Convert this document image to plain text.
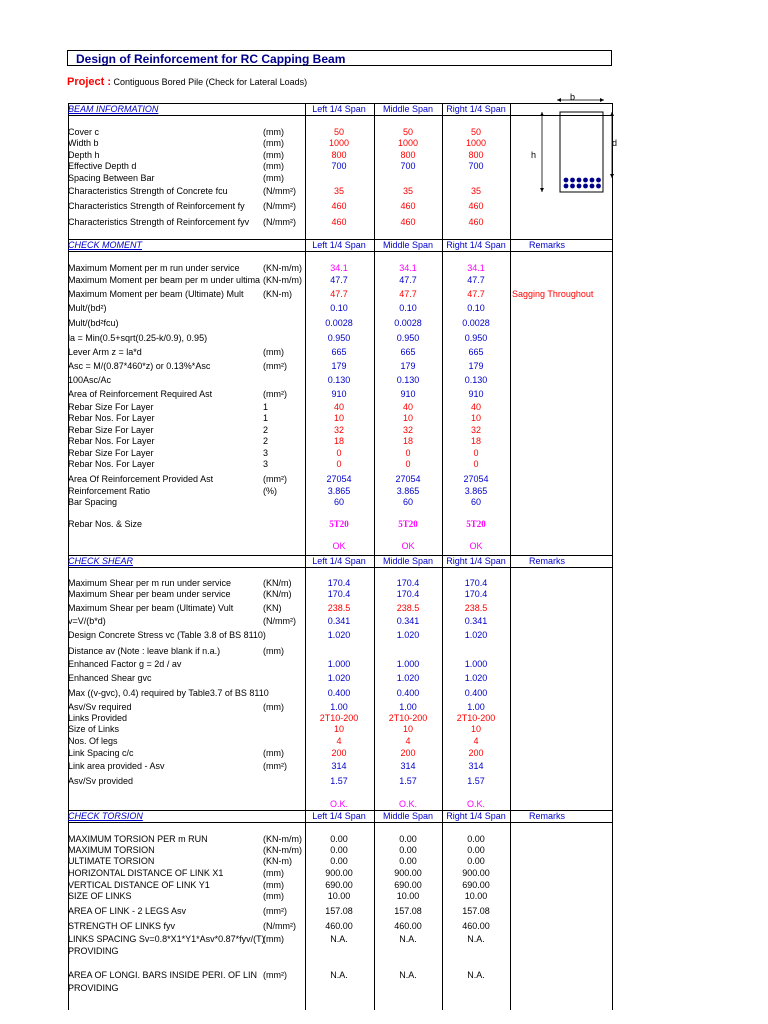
Design of Reinforcement for RC Capping Beam
Project : Contiguous Bored Pile (Check for Lateral Loads)
b
h
d
BEAM INFORMATION	Left 1/4 Span	Middle Span	Right 1/4 Span
Cover c	(mm)	50	50	50
Width b	(mm)	1000	1000	1000
Depth h	(mm)	800	800	800
Effective Depth d	(mm)	700	700	700
Spacing Between Bar	(mm)
Characteristics Strength of Concrete fcu	(N/mm²)	35	35	35
Characteristics Strength of Reinforcement fy (N/mm²)	460	460	460
Characteristics Strength of Reinforcement fyv (N/mm²)	460	460	460
CHECK MOMENT	Left 1/4 Span	Middle Span	Right 1/4 Span	Remarks
Maximum Moment per m run under service	(KN-m/m)	34.1	34.1	34.1
Maximum Moment per beam per m under ultima (KN-m/m)	47.7	47.7	47.7
Maximum Moment per beam (Ultimate) Mult (KN-m)	47.7	47.7	47.7	Sagging Throughout
Mult/(bd²)	0.10	0.10	0.10
Mult/(bd²fcu)	0.0028	0.0028	0.0028
la = Min(0.5+sqrt(0.25-k/0.9), 0.95)	0.950	0.950	0.950
Lever Arm z = la*d	(mm)	665	665	665
Asc = M/(0.87*460*z) or 0.13%*Asc	(mm²)	179	179	179
100Asc/Ac	0.130	0.130	0.130
Area of Reinforcement Required Ast	(mm²)	910	910	910
Rebar Size For Layer	1	40	40	40
Rebar Nos. For Layer	1	10	10	10
Rebar Size For Layer	2	32	32	32
Rebar Nos. For Layer	2	18	18	18
Rebar Size For Layer	3	0	0	0
Rebar Nos. For Layer	3	0	0	0
Area Of Reinforcement Provided Ast	(mm²)	27054	27054	27054
Reinforcement Ratio	(%)	3.865	3.865	3.865
Bar Spacing	60	60	60
Rebar Nos. & Size	5T20	5T20	5T20
OK	OK	OK
CHECK SHEAR	Left 1/4 Span	Middle Span	Right 1/4 Span	Remarks
Maximum Shear per m run under service	(KN/m)	170.4	170.4	170.4
Maximum Shear per beam under service	(KN/m)	170.4	170.4	170.4
Maximum Shear per beam (Ultimate) Vult	(KN)	238.5	238.5	238.5
v=V/(b*d)	(N/mm²)	0.341	0.341	0.341
Design Concrete Stress vc (Table 3.8 of BS 8110)	1.020	1.020	1.020
Distance av (Note : leave blank if n.a.)	(mm)
Enhanced Factor g = 2d / av	1.000	1.000	1.000
Enhanced Shear gvc	1.020	1.020	1.020
Max ((v-gvc), 0.4) required by Table3.7 of BS 8110	0.400	0.400	0.400
Asv/Sv required	(mm)	1.00	1.00	1.00
Links Provided	2T10-200	2T10-200	2T10-200
Size of Links	10	10	10
Nos. Of legs	4	4	4
Link Spacing c/c	(mm)	200	200	200
Link area provided - Asv	(mm²)	314	314	314
Asv/Sv provided	1.57	1.57	1.57
O.K.	O.K.	O.K.
CHECK TORSION	Left 1/4 Span	Middle Span	Right 1/4 Span	Remarks
MAXIMUM TORSION PER m RUN	(KN-m/m)	0.00	0.00	0.00
MAXIMUM TORSION	(KN-m/m)	0.00	0.00	0.00
ULTIMATE TORSION	(KN-m)	0.00	0.00	0.00
HORIZONTAL DISTANCE OF LINK X1	(mm)	900.00	900.00	900.00
VERTICAL DISTANCE OF LINK Y1	(mm)	690.00	690.00	690.00
SIZE OF LINKS	(mm)	10.00	10.00	10.00
AREA OF LINK - 2 LEGS Asv	(mm²)	157.08	157.08	157.08
STRENGTH OF LINKS fyv	(N/mm²)	460.00	460.00	460.00
LINKS SPACING Sv=0.8*X1*Y1*Asv*0.87*fyv/(T)
(mm)	N.A.	N.A.	N.A.
PROVIDING
AREA OF LONGI. BARS INSIDE PERI. OF LIN (mm²)	N.A.	N.A.	N.A.
PROVIDING
